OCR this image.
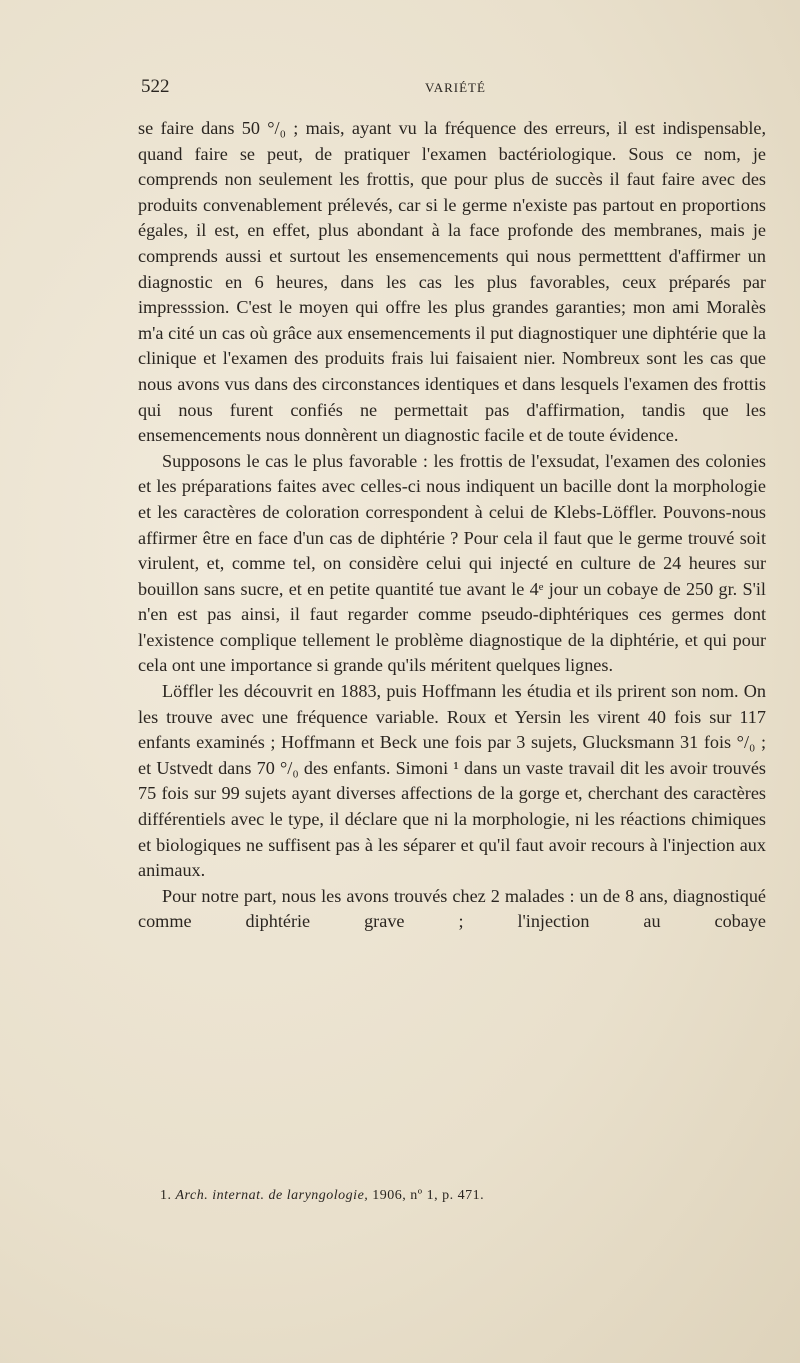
522	VARIÉTÉ

se faire dans 50 °/₀ ; mais, ayant vu la fréquence des erreurs, il est indispensable, quand faire se peut, de pratiquer l'examen bactériologique. Sous ce nom, je comprends non seulement les frottis, que pour plus de succès il faut faire avec des produits convenablement prélevés, car si le germe n'existe pas partout en proportions égales, il est, en effet, plus abondant à la face profonde des membranes, mais je comprends aussi et surtout les ensemencements qui nous permetttent d'affirmer un diagnostic en 6 heures, dans les cas les plus favorables, ceux préparés par impresssion. C'est le moyen qui offre les plus grandes garanties; mon ami Moralès m'a cité un cas où grâce aux ensemencements il put diagnostiquer une diphtérie que la clinique et l'examen des produits frais lui faisaient nier. Nombreux sont les cas que nous avons vus dans des circonstances identiques et dans lesquels l'examen des frottis qui nous furent confiés ne permettait pas d'affirmation, tandis que les ensemencements nous donnèrent un diagnostic facile et de toute évidence.

Supposons le cas le plus favorable : les frottis de l'exsudat, l'examen des colonies et les préparations faites avec celles-ci nous indiquent un bacille dont la morphologie et les caractères de coloration correspondent à celui de Klebs-Löffler. Pouvons-nous affirmer être en face d'un cas de diphtérie ? Pour cela il faut que le germe trouvé soit virulent, et, comme tel, on considère celui qui injecté en culture de 24 heures sur bouillon sans sucre, et en petite quantité tue avant le 4ᵉ jour un cobaye de 250 gr. S'il n'en est pas ainsi, il faut regarder comme pseudo-diphtériques ces germes dont l'existence complique tellement le problème diagnostique de la diphtérie, et qui pour cela ont une importance si grande qu'ils méritent quelques lignes.

Löffler les découvrit en 1883, puis Hoffmann les étudia et ils prirent son nom. On les trouve avec une fréquence variable. Roux et Yersin les virent 40 fois sur 117 enfants examinés ; Hoffmann et Beck une fois par 3 sujets, Glucksmann 31 fois °/₀ ; et Ustvedt dans 70 °/₀ des enfants. Simoni ¹ dans un vaste travail dit les avoir trouvés 75 fois sur 99 sujets ayant diverses affections de la gorge et, cherchant des caractères différentiels avec le type, il déclare que ni la morphologie, ni les réactions chimiques et biologiques ne suffisent pas à les séparer et qu'il faut avoir recours à l'injection aux animaux.

Pour notre part, nous les avons trouvés chez 2 malades : un de 8 ans, diagnostiqué comme diphtérie grave ; l'injection au cobaye

1. Arch. internat. de laryngologie, 1906, nº 1, p. 471.
